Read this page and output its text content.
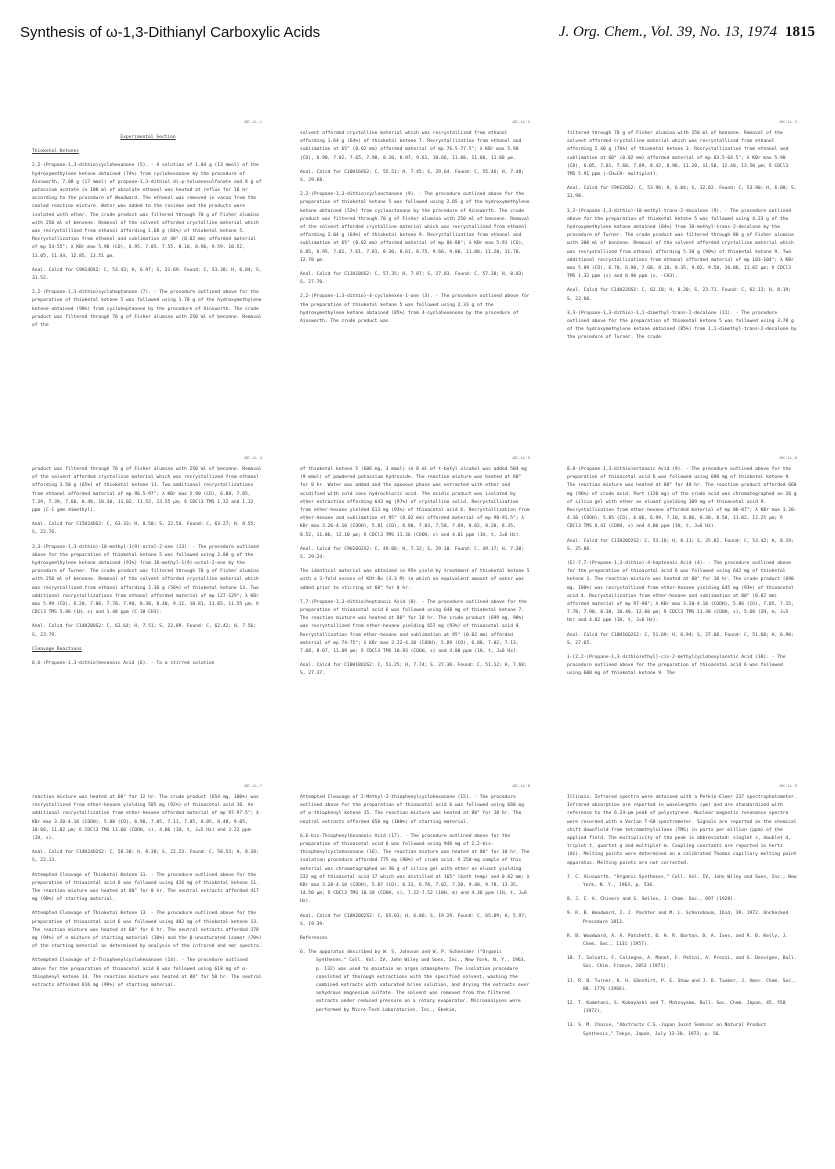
Synthesis of ω-1,3-Dithianyl Carboxylic Acids	J. Org. Chem., Vol. 39, No. 13, 1974 1815
JOC-LL-1
Experimental Section
Thioketal Ketones

2,2-(Propane-1,3-dithio)cyclohexanone (5). - A solution of 1.04 g (13 mmol) of the hydroxymethylene ketone obtained (74%) from cyclohexanone by the procedure of Ainsworth, 7.08 g (17 mmol) of propane-1,3-dithiol di-p-toluenesulfonate and 8 g of potassium acetate in 100 ml of absolute ethanol was heated at reflux for 10 hr according to the procedure of Woodward. The ethanol was removed in vacuo from the cooled reaction mixture. Water was added to the residue and the products were isolated with ether. The crude product was filtered through 70 g of Fisher alumina with 250 ml of benzene. Removal of the solvent afforded crystalline material which was recrystallized from ethanol affording 1.68 g (64%) of thioketal ketone 5. Recrystallization from ethanol and sublimation at 40° (0.02 mm) afforded material of mp 54-55°; λ KBr max 5.90 (CO), 6.95, 7.05, 7.55, 8.18, 8.96, 9.59, 10.52, 11.05, 11.44, 12.85, 13.51 μm.

Anal. Calcd for C9H14OS2: C, 53.43; H, 6.97; S, 31.69. Found: C, 53.30; H, 6.84; S, 31.52.

2,2-(Propane-1,3-dithio)cycloheptanone (7). - The procedure outlined above for the preparation of thioketal ketone 5 was followed using 1.70 g of the hydroxymethylene ketone obtained (90%) from cycloheptanone by the procedure of Ainsworth. The crude product was filtered through 70 g of Fisher alumina with 250 ml of benzene. Removal of the

JOC-LL-2

solvent afforded crystalline material which was recrystallized from ethanol affording 1.64 g (64%) of thioketal ketone 7. Recrystallization from ethanol and sublimation at 65° (0.02 mm) afforded material of mp 76.5-77.5°; λ KBr max 5.90 (CO), 6.90, 7.02, 7.65, 7.90, 8.10, 8.97, 9.61, 10.66, 11.08, 11.60, 11.80 μm.

Anal. Calcd for C10H16OS2: C, 55.51; H, 7.45; S, 29.64. Found: C, 55.46; H, 7.48; S, 29.68.

2,2-(Propane-1,3-dithio)cyclooctanone (9). - The procedure outlined above for the preparation of thioketal ketone 5 was followed using 2.05 g of the hydroxymethylene ketone obtained (52%) from cyclooctanone by the procedure of Ainsworth. The crude product was filtered through 70 g of Fisher alumina with 250 ml of benzene. Removal of the solvent afforded crystalline material which was recrystallized from ethanol affording 2.04 g (64%) of thioketal ketone 9. Recrystallization from ethanol and sublimation at 65° (0.02 mm) afforded material of mp 86-88°; λ KBr max 5.91 (CO), 6.85, 6.95, 7.01, 7.61, 7.81, 8.30, 8.61, 8.75, 9.66, 9.80, 11.00, 11.20, 11.78, 12.70 μm.

Anal. Calcd for C11H18OS2: C, 57.35; H, 7.87; S, 27.83. Found: C, 57.38; H, 8.03; S, 27.70.

2,2-(Propane-1,3-dithio)-4-cyclohexen-1-one (3). - The procedure outlined above for the preparation of thioketal ketone 5 was followed using 2.33 g of the hydroxymethylene ketone obtained (85%) from 4-cyclohexenone by the procedure of Ainsworth. The crude product was

JOC-LL-3

filtered through 70 g of Fisher alumina with 250 ml of benzene. Removal of the solvent afforded crystalline material which was recrystallized from ethanol affording 2.40 g (76%) of thioketal ketone 3. Recrystallization from ethanol and sublimation at 60° (0.02 mm) afforded material of mp 63.5-64.5°; λ KBr max 5.90 (CO), 6.05, 7.01, 7.68, 7.89, 8.42, 8.96, 11.20, 11.50, 12.40, 13.50 μm; δ CDCl3 TMS 5.91 ppm (-CH=CH- multiplet).

Anal. Calcd for C9H12OS2: C, 53.96; H, 6.04; S, 32.02. Found: C, 53.90; H, 6.08; S, 31.98.

3,3-(Propane-1,3-dithio)-10-methyl-trans-2-decalone (9). - The procedure outlined above for the preparation of thioketal ketone 5 was followed using 4.33 g of the hydroxymethylene ketone obtained (84%) from 10-methyl-trans-2-decalone by the procedure of Turner. The crude product was filtered through 80 g of Fisher alumina with 300 ml of benzene. Removal of the solvent afforded crystalline material which was recrystallized from ethanol affording 5.38 g (90%) of thioketal ketone 9. Two additional recrystallizations from ethanol afforded material of mp 103-104°; λ KBr max 5.89 (CO), 6.70, 6.90, 7.68, 8.10, 8.35, 9.02, 9.58, 10.86, 11.02 μm; δ CDCl3 TMS 1.32 ppm (s) and 0.90 ppm (s, -CH3).

Anal. Calcd for C14H22OS2: C, 62.18; H, 8.20; S, 23.71. Found: C, 62.13; H, 8.19; S, 23.60.

3,3-(Propane-1,3-dithio)-1,1-dimethyl-trans-2-decalone (11). - The procedure outlined above for the preparation of thioketal ketone 5 was followed using 3.70 g of the hydroxymethylene ketone obtained (85%) from 1,1-dimethyl-trans-2-decalone by the procedure of Turner. The crude

JOC-LL-4

product was filtered through 70 g of Fisher alumina with 250 ml of benzene. Removal of the solvent afforded crystalline material which was recrystallized from ethanol affording 3.50 g (65%) of thioketal ketone 11. Two additional recrystallizations from ethanol afforded material of mp 96.5-97°; λ KBr max 5.90 (CO), 6.88, 7.05, 7.29, 7.39, 7.60, 8.48, 10.30, 11.02, 11.52, 13.55 μm; δ CDCl3 TMS 1.32 and 1.12 ppm (C-1 gem dimethyl).

Anal. Calcd for C15H24OS2: C, 63.33; H, 8.50; S, 22.54. Found: C, 63.27; H, 8.55; S, 22.76.

3,3-(Propane-1,3-dithio)-10-methyl-1(9)-octal-2-one (13). - The procedure outlined above for the preparation of thioketal ketone 5 was followed using 2.80 g of the hydroxymethylene ketone obtained (91%) from 10-methyl-1(9)-octal-2-one by the procedure of Turner. The crude product was filtered through 70 g of Fisher alumina with 250 ml of benzene. Removal of the solvent afforded crystalline material which was recrystallized from ethanol affording 2.30 g (56%) of thioketal ketone 13. Two additional recrystallizations from ethanol afforded material of mp 127-129°; λ KBr max 5.99 (CO), 6.20, 7.06, 7.70, 7.90, 8.30, 8.40, 9.11, 10.81, 11.05, 11.55 μm; δ CDCl3 TMS 5.86 (1H, s) and 1.48 ppm (C-10 CH3).

Anal. Calcd for C14H20OS2: C, 62.64; H, 7.51; S, 23.89. Found: C, 62.42; H, 7.56; S, 23.79.

Cleavage Reactions

6,6-(Propane-1,3-dithio)hexanoic Acid (6). - To a stirred solution

JOC-LL-5

of thioketal ketone 5 (606 mg, 3 mmol) in 8 ml of t-butyl alcohol was added 504 mg (9 mmol) of powdered potassium hydroxide. The reaction mixture was heated at 60° for 8 hr. Water was added and the aqueous phase was extracted with ether and acidified with cold conc hydrochloric acid. The acidic product was isolated by ether extraction affording 643 mg (97%) of crystalline solid. Recrystallization from ether-hexane yielded 613 mg (93%) of thioacetal acid 6. Recrystallization from ether-hexane and sublimation at 95° (0.02 mm) afforded material of mp 90-91.5°; λ KBr max 3.26-4.10 (COOH), 5.81 (CO), 6.90, 7.03, 7.50, 7.69, 8.02, 8.20, 8.35, 8.52, 11.06, 12.10 μm; δ CDCl3 TMS 11.36 (COOH, s) and 4.01 ppm (1H, t, J=6 Hz).

Anal. Calcd for C9H16O2S2: C, 49.06; H, 7.32; S, 29.10. Found: C, 49.17; H, 7.30; S, 29.24.

The identical material was obtained in 95% yield by treatment of thioketal ketone 5 with a 3-fold excess of KOt-Bu (3.3 M) in which an equivalent amount of water was added prior to stirring at 60° for 8 hr.

7,7-(Propane-1,3-dithio)heptanoic Acid (8). - The procedure outlined above for the preparation of thioacetal acid 6 was followed using 648 mg of thioketal ketone 7. The reaction mixture was heated at 80° for 10 hr. The crude product (699 mg, 98%) was recrystallized from ether-hexane yielding 657 mg (93%) of thioacetal acid 8. Recrystallization from ether-hexane and sublimation at 95° (0.02 mm) afforded material of mp 74-75°; λ KBr max 3.22-4.10 (COOH), 5.89 (CO), 6.88, 7.02, 7.13, 7.68, 8.07, 11.09 μm; δ CDCl3 TMS 10.93 (COOH, s) and 4.00 ppm (1H, t, J=6 Hz).

Anal. Calcd for C10H18O2S2: C, 51.25; H, 7.74; S, 27.36. Found: C, 51.12; H, 7.68; S, 27.37.

JOC-LL-6

8,8-(Propane-1,3-dithio)octanoic Acid (9). - The procedure outlined above for the preparation of thioacetal acid 6 was followed using 690 mg of thioketal ketone 9. The reaction mixture was heated at 80° for 48 hr. The reaction product afforded 668 mg (96%) of crude acid. Part (120 mg) of the crude acid was chromatographed on 10 g of silica gel with ether as eluant yielding 109 mg of thioacetal acid 9. Recrystallization from ether-hexane afforded material of mp 86-87°; λ KBr max 3.20-4.10 (COOH), 5.85 (CO), 6.86, 6.99, 7.10, 8.06, 8.30, 8.50, 11.02, 12.25 μm; δ CDCl3 TMS 6.41 (COOH, s) and 4.00 ppm (1H, t, J=6 Hz).

Anal. Calcd for C11H20O2S2: C, 53.18; H, 8.11; S, 25.82. Found: C, 53.42; H, 8.19; S, 25.80.

(E)-7,7-(Propane-1,3-dithio)-4-heptenoic Acid (4). - The procedure outlined above for the preparation of thioacetal acid 6 was followed using 642 mg of thioketal ketone 3. The reaction mixture was heated at 80° for 10 hr. The crude product (698 mg, 100%) was recrystallized from ether-hexane yielding 645 mg (93%) of thioacetal acid 4. Recrystallization from ether-hexane and sublimation at 80° (0.02 mm) afforded material of mp 97-98°; λ KBr max 3.20-4.10 (COOH), 5.86 (CO), 7.05, 7.15, 7.78, 7.90, 8.30, 10.40, 12.60 μm; δ CDCl3 TMS 11.38 (COOH, s), 5.60 (2H, m, J=5 Hz) and 4.02 ppm (1H, t, J=6 Hz).

Anal. Calcd for C10H16O2S2: C, 51.69; H, 6.94; S, 27.60. Found: C, 51.60; H, 6.90; S, 27.65.

1-[2,2-(Propane-1,3-dithio)ethyl]-cis-2-methylcyclohexylacetic Acid (10). - The procedure outlined above for the preparation of thioacetal acid 6 was followed using 600 mg of thioketal ketone 9. The

JOC-LL-7

reaction mixture was heated at 60° for 12 hr. The crude product (654 mg, 100%) was recrystallized from ether-hexane yielding 585 mg (92%) of thioacetal acid 10. An additional recrystallization from ether-hexane afforded material of mp 97-97.5°; λ KBr max 3.20-4.10 (COOH), 5.88 (CO), 6.90, 7.05, 7.11, 7.85, 8.05, 8.40, 9.05, 10.66, 11.02 μm; δ CDCl3 TMS 11.60 (COOH, s), 4.06 (1H, t, J=5 Hz) and 3.22 ppm (2H, s).

Anal. Calcd for C14H24O2S2: C, 58.30; H, 8.38; S, 22.23. Found: C, 58.53; H, 8.38; S, 22.13.

Attempted Cleavage of Thioketal Ketone 11. - The procedure outlined above for the preparation of thioacetal acid 6 was followed using 426 mg of thioketal ketone 11. The reaction mixture was heated at 80° for 8 hr. The neutral extracts afforded 417 mg (98%) of starting material.

Attempted Cleavage of Thioketal Ketone 13. - The procedure outlined above for the preparation of thioacetal acid 6 was followed using 402 mg of thioketal ketone 13. The reaction mixture was heated at 60° for 8 hr. The neutral extracts afforded 378 mg (94%) of a mixture of starting material (30%) and the β-unsaturated isomer (70%) of the starting material as determined by analysis of the infrared and nmr spectra.

Attempted Cleavage of 2-Thiophenylcyclohexanone (14). - The procedure outlined above for the preparation of thioacetal acid 6 was followed using 618 mg of α-thiophenyl ketone 14. The reaction mixture was heated at 80° for 50 hr. The neutral extracts afforded 616 mg (99%) of starting material.

JOC-LL-8

Attempted Cleavage of 2-Methyl-2-thiophenylcyclohexanone (15). - The procedure outlined above for the preparation of thioacetal acid 6 was followed using 660 mg of α-thiophenyl ketone 15. The reaction mixture was heated at 80° for 10 hr. The neutral extracts afforded 650 mg (100%) of starting material.

6,6-bis-Thiophenylhexanoic Acid (17). - The procedure outlined above for the preparation of thioacetal acid 6 was followed using 940 mg of 2,2-bis-thiophenylcyclohexanone (16). The reaction mixture was heated at 80° for 10 hr. The isolation procedure afforded 775 mg (80%) of crude acid. A 250-mg sample of this material was chromatographed on 30 g of silica gel with ether as eluant yielding 232 mg of thioacetal acid 17 which was distilled at 165° (bath temp) and 0.02 mm; λ KBr max 3.20-4.10 (COOH), 5.87 (CO), 6.33, 6.78, 7.02, 7.20, 9.40, 9.78, 13.35, 14.50 μm; δ CDCl3 TMS 10.20 (COOH, s), 7.22-7.52 (10H, m) and 4.30 ppm (1H, t, J=6 Hz).

Anal. Calcd for C18H20O2S2: C, 65.03; H, 6.06; S, 19.29. Found: C, 65.09; H, 5.97; S, 19.39.

References
6. The apparatus described by W. S. Johnson and W. P. Schneider ("Organic Syntheses," Coll. Vol. IV, John Wiley and Sons, Inc., New York, N. Y., 1963, p. 132) was used to maintain an argon atmosphere. The isolation procedure consisted of thorough extractions with the specified solvent, washing the combined extracts with saturated brine solution, and drying the extracts over anhydrous magnesium sulfate. The solvent was removed from the filtered extracts under reduced pressure on a rotary evaporator. Microanalyses were performed by Micro-Tech Laboratories, Inc., Skokie,
JOC-LL-9

Illinois. Infrared spectra were obtained with a Perkin-Elmer 237 spectrophotometer. Infrared absorption are reported in wavelengths (μm) and are standardized with reference to the 6.24-μm peak of polystyrene. Nuclear magnetic resonance spectra were recorded with a Varian T-60 spectrometer. Signals are reported as the chemical shift downfield from tetramethylsilane (TMS) in parts per million (ppm) of the applied field. The multiplicity of the peak is abbreviated: singlet s, doublet d, triplet t, quartet q and multiplet m. Coupling constants are reported in hertz (Hz). Melting points were determined on a calibrated Thomas capillary melting point apparatus. Melting points are not corrected.

7. C. Ainsworth, "Organic Syntheses," Coll. Vol. IV, John Wiley and Sons, Inc., New York, N. Y., 1963, p. 536.
8. J. C. A. Chivers and S. Smiles, J. Chem. Soc., 697 (1928).
9. R. B. Woodward, I. J. Pachter and M. L. Scheinbaum, Ibid, 39, 1972. Unchecked Procedure 1813.
R. B. Woodward, A. A. Patchett, D. H. R. Barton, D. A. Ives, and R. B. Kelly, J. Chem. Soc., 1131 (1957).
10. T. Salvati, F. Calzegna, A. Manet, F. Patini, A. Prozzi, and G. Desvigne, Bull. Soc. Chim. France, 2053 (1971).
11. R. B. Turner, K. H. Gänshirt, P. E. Shaw and J. D. Tauber, J. Amer. Chem. Soc., 88, 1776 (1966).
12. T. Kametani, S. Kobayashi and T. Matsuyama, Bull. Soc. Chem. Japan, 45, 558 (1972).
13. S. M. Chaise, "Abstracts C.S.-Japan Joint Seminar on Natural Product Synthesis," Tokyo, Japan, July 13-20, 1973, p. 56.
